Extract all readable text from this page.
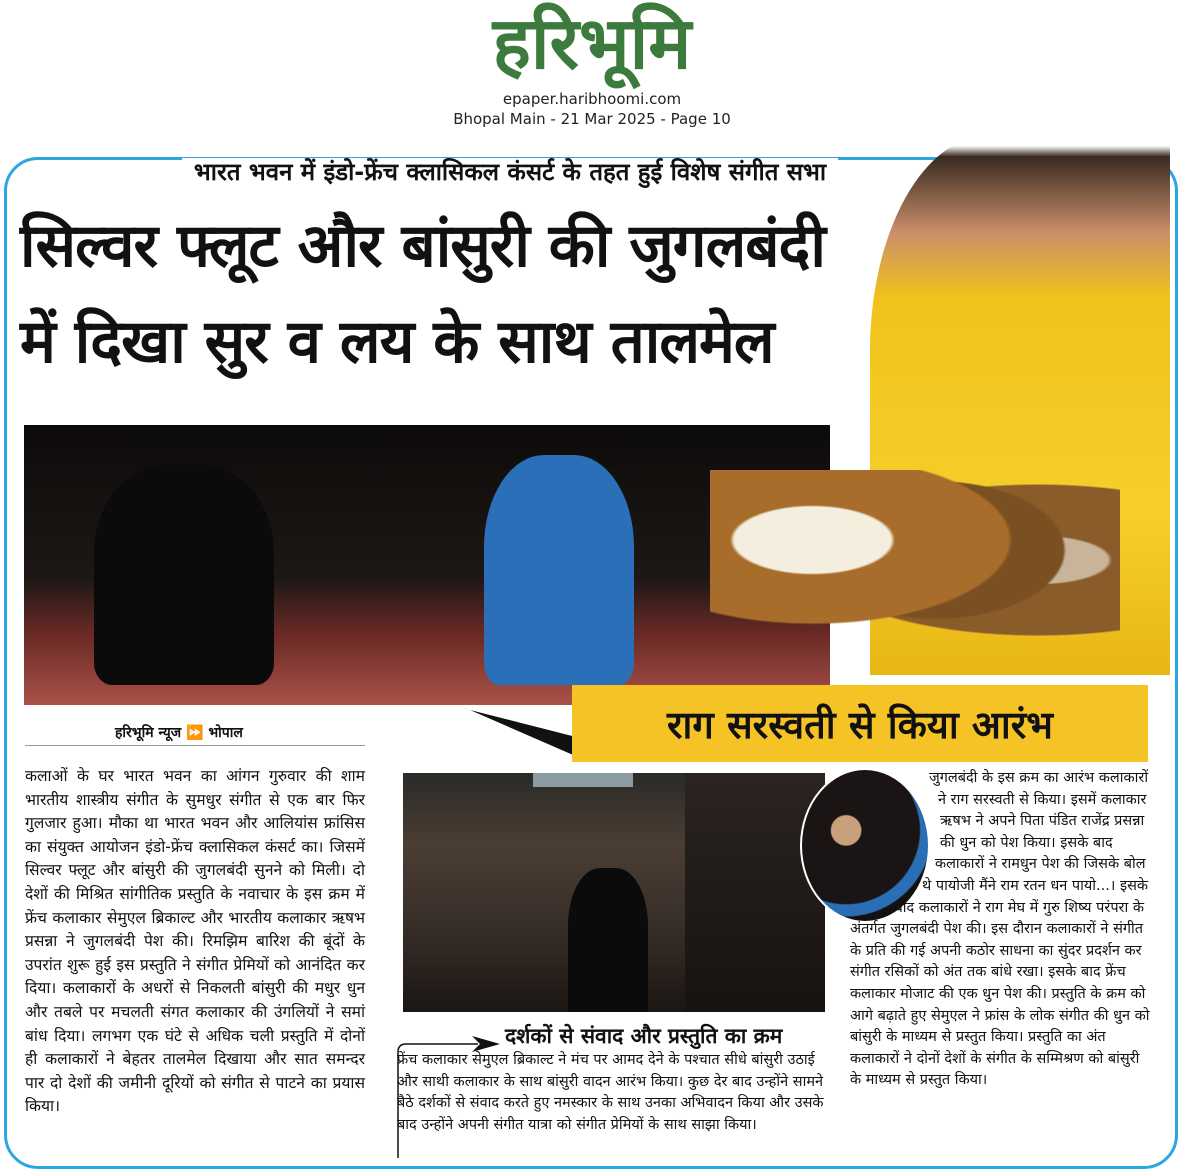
हरिभूमि
epaper.haribhoomi.com
Bhopal Main - 21 Mar 2025 - Page 10
भारत भवन में इंडो-फ्रेंच क्लासिकल कंसर्ट के तहत हुई विशेष संगीत सभा
सिल्वर फ्लूट और बांसुरी की जुगलबंदी
में दिखा सुर व लय के साथ तालमेल
राग सरस्वती से किया आरंभ
हरिभूमि न्यूज ⏩ भोपाल
कलाओं के घर भारत भवन का आंगन गुरुवार की शाम भारतीय शास्त्रीय संगीत के सुमधुर संगीत से एक बार फिर गुलजार हुआ। मौका था भारत भवन और आलियांस फ्रांसिस का संयुक्त आयोजन इंडो-फ्रेंच क्लासिकल कंसर्ट का। जिसमें सिल्वर फ्लूट और बांसुरी की जुगलबंदी सुनने को मिली। दो देशों की मिश्रित सांगीतिक प्रस्तुति के नवाचार के इस क्रम में फ्रेंच कलाकार सेमुएल ब्रिकाल्ट और भारतीय कलाकार ऋषभ प्रसन्ना ने जुगलबंदी पेश की। रिमझिम बारिश की बूंदों के उपरांत शुरू हुई इस प्रस्तुति ने संगीत प्रेमियों को आनंदित कर दिया। कलाकारों के अधरों से निकलती बांसुरी की मधुर धुन और तबले पर मचलती संगत कलाकार की उंगलियों ने समां बांध दिया। लगभग एक घंटे से अधिक चली प्रस्तुति में दोनों ही कलाकारों ने बेहतर तालमेल दिखाया और सात समन्दर पार दो देशों की जमीनी दूरियों को संगीत से पाटने का प्रयास किया।
दर्शकों से संवाद और प्रस्तुति का क्रम
फ्रेंच कलाकार सेमुएल ब्रिकाल्ट ने मंच पर आमद देने के पश्चात सीधे बांसुरी उठाई और साथी कलाकार के साथ बांसुरी वादन आरंभ किया। कुछ देर बाद उन्होंने सामने बैठे दर्शकों से संवाद करते हुए नमस्कार के साथ उनका अभिवादन किया और उसके बाद उन्होंने अपनी संगीत यात्रा को संगीत प्रेमियों के साथ साझा किया।
जुगलबंदी के इस क्रम का आरंभ कलाकारों ने राग सरस्वती से किया। इसमें कलाकार ऋषभ ने अपने पिता पंडित राजेंद्र प्रसन्ना की धुन को पेश किया। इसके बाद कलाकारों ने रामधुन पेश की जिसके बोल थे पायोजी मैंने राम रतन धन पायो...। इसके बाद कलाकारों ने राग मेघ में गुरु शिष्य परंपरा के अंतर्गत जुगलबंदी पेश की। इस दौरान कलाकारों ने संगीत के प्रति की गई अपनी कठोर साधना का सुंदर प्रदर्शन कर संगीत रसिकों को अंत तक बांधे रखा। इसके बाद फ्रेंच कलाकार मोजाट की एक धुन पेश की। प्रस्तुति के क्रम को आगे बढ़ाते हुए सेमुएल ने फ्रांस के लोक संगीत की धुन को बांसुरी के माध्यम से प्रस्तुत किया। प्रस्तुति का अंत कलाकारों ने दोनों देशों के संगीत के सम्मिश्रण को बांसुरी के माध्यम से प्रस्तुत किया।
